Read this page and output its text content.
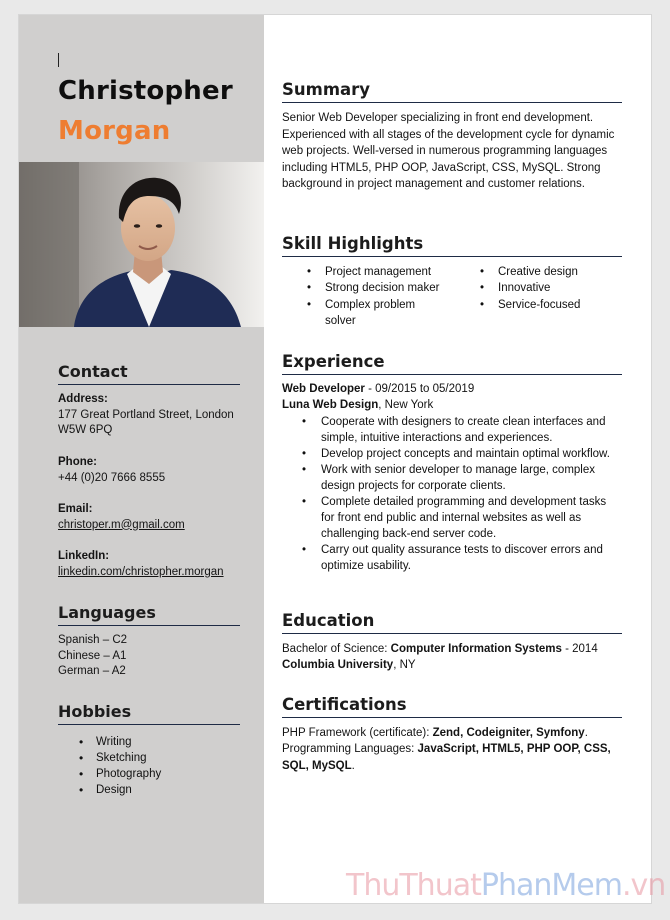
Christopher
Morgan
Contact
Address:
177 Great Portland Street, London W5W 6PQ
Phone:
+44 (0)20 7666 8555
Email:
christoper.m@gmail.com
LinkedIn:
linkedin.com/christopher.morgan
Languages
Spanish – C2
Chinese – A1
German – A2
Hobbies
• Writing
• Sketching
• Photography
• Design
Summary
Senior Web Developer specializing in front end development. Experienced with all stages of the development cycle for dynamic web projects. Well-versed in numerous programming languages including HTML5, PHP OOP, JavaScript, CSS, MySQL. Strong background in project management and customer relations.
Skill Highlights
• Project management
• Strong decision maker
• Complex problem solver
• Creative design
• Innovative
• Service-focused
Experience
Web Developer - 09/2015 to 05/2019
Luna Web Design, New York
• Cooperate with designers to create clean interfaces and simple, intuitive interactions and experiences.
• Develop project concepts and maintain optimal workflow.
• Work with senior developer to manage large, complex design projects for corporate clients.
• Complete detailed programming and development tasks for front end public and internal websites as well as challenging back-end server code.
• Carry out quality assurance tests to discover errors and optimize usability.
Education
Bachelor of Science: Computer Information Systems - 2014
Columbia University, NY
Certifications
PHP Framework (certificate): Zend, Codeigniter, Symfony.
Programming Languages: JavaScript, HTML5, PHP OOP, CSS, SQL, MySQL.
ThuThuatPhanMem.vn
